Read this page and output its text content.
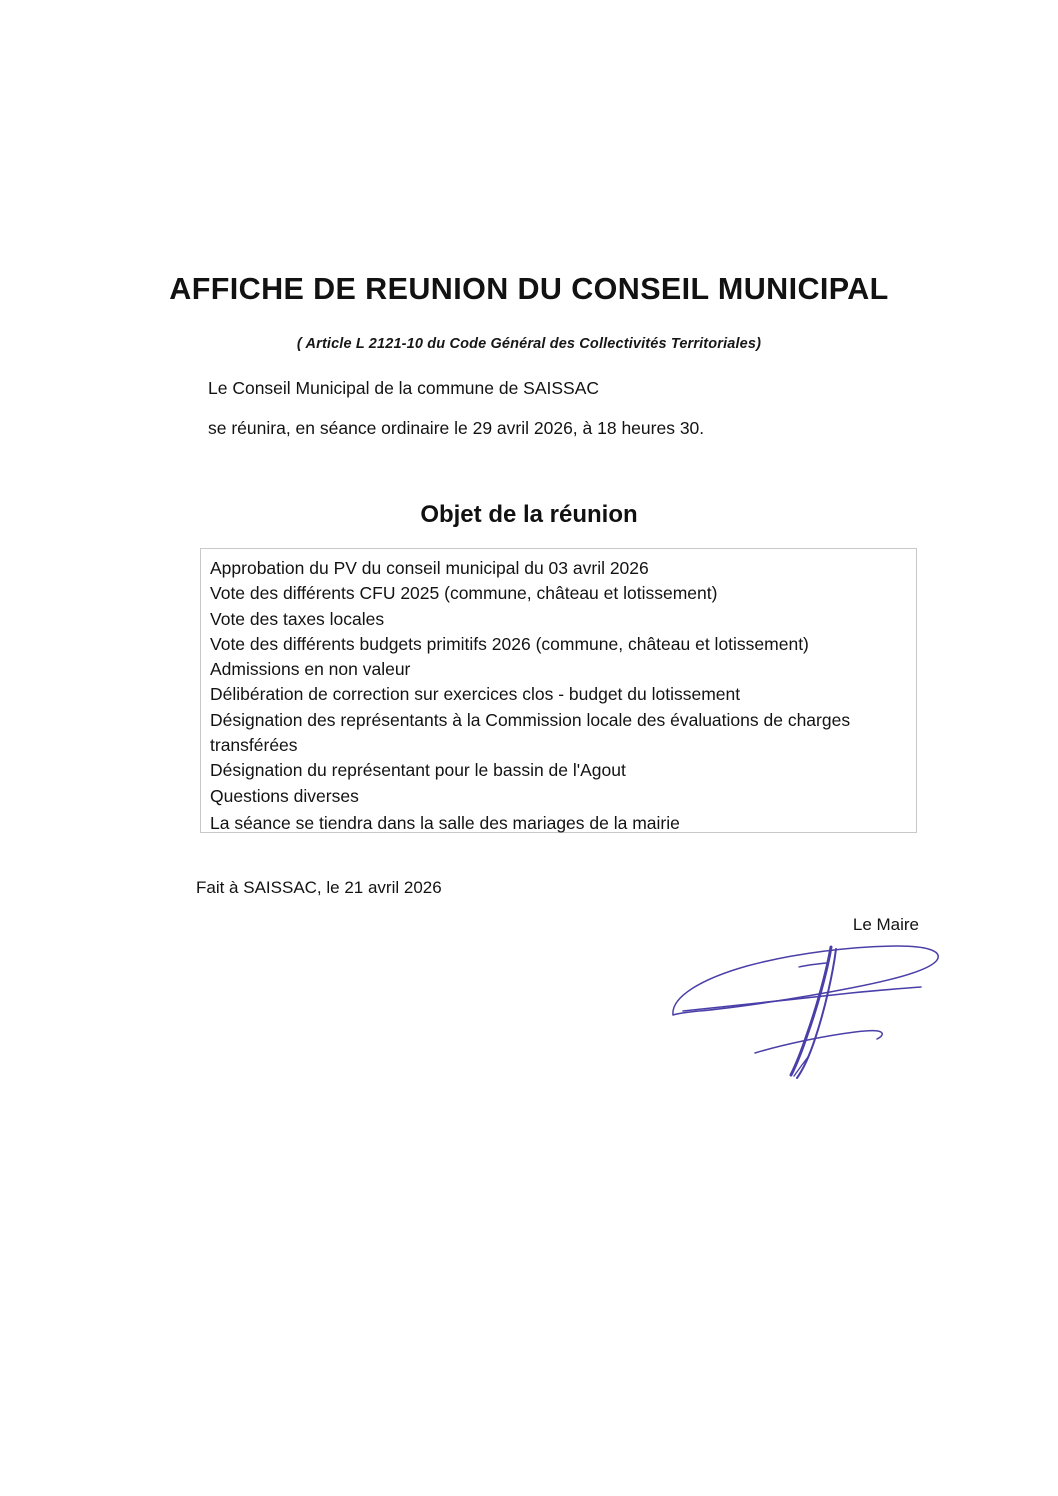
AFFICHE DE REUNION DU CONSEIL MUNICIPAL
( Article L 2121-10 du Code Général des Collectivités Territoriales)
Le Conseil Municipal de la commune de SAISSAC
se réunira, en séance ordinaire le 29 avril 2026, à 18 heures 30.
Objet de la réunion
Approbation du PV du conseil municipal du 03 avril 2026
Vote des différents CFU 2025 (commune, château et lotissement)
Vote des taxes locales
Vote des différents budgets primitifs 2026 (commune, château et lotissement)
Admissions en non valeur
Délibération de correction sur exercices clos - budget du lotissement
Désignation des représentants à la Commission locale des évaluations de charges transférées
Désignation du représentant pour le bassin de l'Agout
Questions diverses
La séance se tiendra dans la salle des mariages de la mairie
Fait à SAISSAC, le 21 avril 2026
Le Maire
